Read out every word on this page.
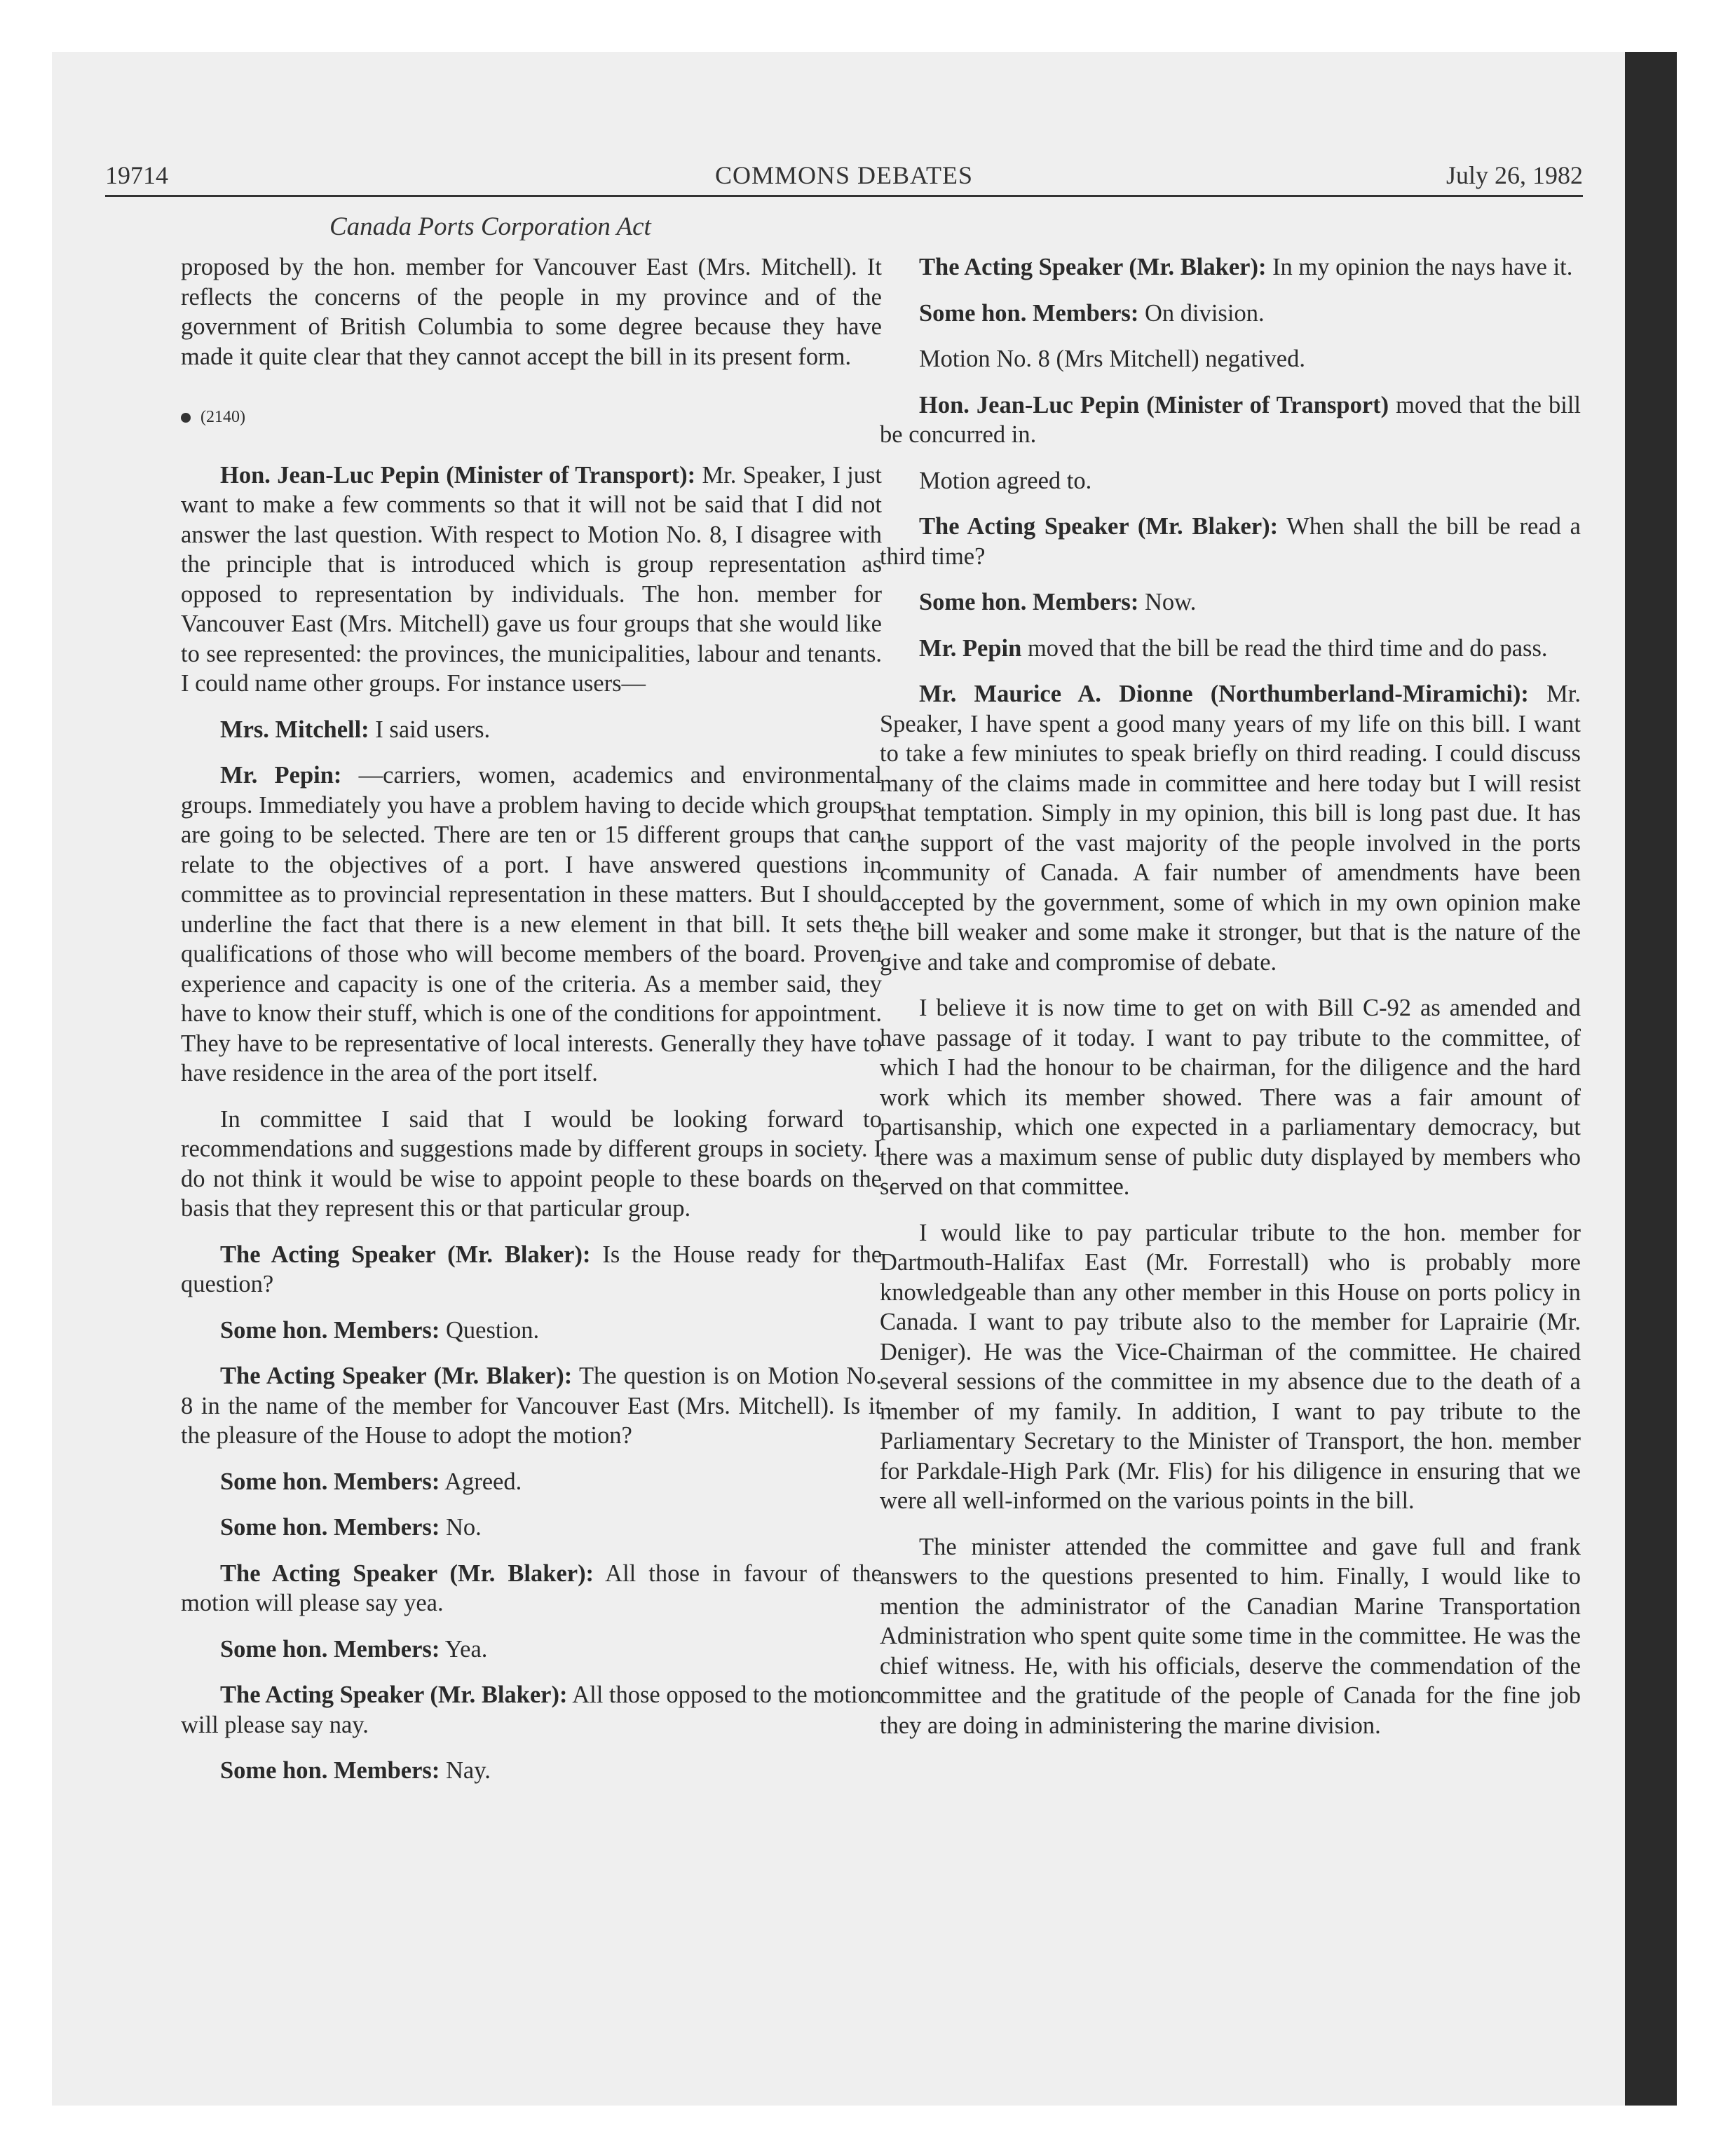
19714	COMMONS DEBATES	July 26, 1982
Canada Ports Corporation Act

proposed by the hon. member for Vancouver East (Mrs. Mitchell). It reflects the concerns of the people in my province and of the government of British Columbia to some degree because they have made it quite clear that they cannot accept the bill in its present form.

(2140)

Hon. Jean-Luc Pepin (Minister of Transport): Mr. Speaker, I just want to make a few comments so that it will not be said that I did not answer the last question. With respect to Motion No. 8, I disagree with the principle that is introduced which is group representation as opposed to representation by individuals. The hon. member for Vancouver East (Mrs. Mitchell) gave us four groups that she would like to see represented: the provinces, the municipalities, labour and tenants. I could name other groups. For instance users—

Mrs. Mitchell: I said users.

Mr. Pepin: —carriers, women, academics and environmental groups. Immediately you have a problem having to decide which groups are going to be selected. There are ten or 15 different groups that can relate to the objectives of a port. I have answered questions in committee as to provincial representation in these matters. But I should underline the fact that there is a new element in that bill. It sets the qualifications of those who will become members of the board. Proven experience and capacity is one of the criteria. As a member said, they have to know their stuff, which is one of the conditions for appointment. They have to be representative of local interests. Generally they have to have residence in the area of the port itself.

In committee I said that I would be looking forward to recommendations and suggestions made by different groups in society. I do not think it would be wise to appoint people to these boards on the basis that they represent this or that particular group.

The Acting Speaker (Mr. Blaker): Is the House ready for the question?

Some hon. Members: Question.

The Acting Speaker (Mr. Blaker): The question is on Motion No. 8 in the name of the member for Vancouver East (Mrs. Mitchell). Is it the pleasure of the House to adopt the motion?

Some hon. Members: Agreed.

Some hon. Members: No.

The Acting Speaker (Mr. Blaker): All those in favour of the motion will please say yea.

Some hon. Members: Yea.

The Acting Speaker (Mr. Blaker): All those opposed to the motion will please say nay.

Some hon. Members: Nay.

The Acting Speaker (Mr. Blaker): In my opinion the nays have it.

Some hon. Members: On division.

Motion No. 8 (Mrs Mitchell) negatived.

Hon. Jean-Luc Pepin (Minister of Transport) moved that the bill be concurred in.

Motion agreed to.

The Acting Speaker (Mr. Blaker): When shall the bill be read a third time?

Some hon. Members: Now.

Mr. Pepin moved that the bill be read the third time and do pass.

Mr. Maurice A. Dionne (Northumberland-Miramichi): Mr. Speaker, I have spent a good many years of my life on this bill. I want to take a few miniutes to speak briefly on third reading. I could discuss many of the claims made in committee and here today but I will resist that temptation. Simply in my opinion, this bill is long past due. It has the support of the vast majority of the people involved in the ports community of Canada. A fair number of amendments have been accepted by the government, some of which in my own opinion make the bill weaker and some make it stronger, but that is the nature of the give and take and compromise of debate.

I believe it is now time to get on with Bill C-92 as amended and have passage of it today. I want to pay tribute to the committee, of which I had the honour to be chairman, for the diligence and the hard work which its member showed. There was a fair amount of partisanship, which one expected in a parliamentary democracy, but there was a maximum sense of public duty displayed by members who served on that committee.

I would like to pay particular tribute to the hon. member for Dartmouth-Halifax East (Mr. Forrestall) who is probably more knowledgeable than any other member in this House on ports policy in Canada. I want to pay tribute also to the member for Laprairie (Mr. Deniger). He was the Vice-Chairman of the committee. He chaired several sessions of the committee in my absence due to the death of a member of my family. In addition, I want to pay tribute to the Parliamentary Secretary to the Minister of Transport, the hon. member for Parkdale-High Park (Mr. Flis) for his diligence in ensuring that we were all well-informed on the various points in the bill.

The minister attended the committee and gave full and frank answers to the questions presented to him. Finally, I would like to mention the administrator of the Canadian Marine Transportation Administration who spent quite some time in the committee. He was the chief witness. He, with his officials, deserve the commendation of the committee and the gratitude of the people of Canada for the fine job they are doing in administering the marine division.
